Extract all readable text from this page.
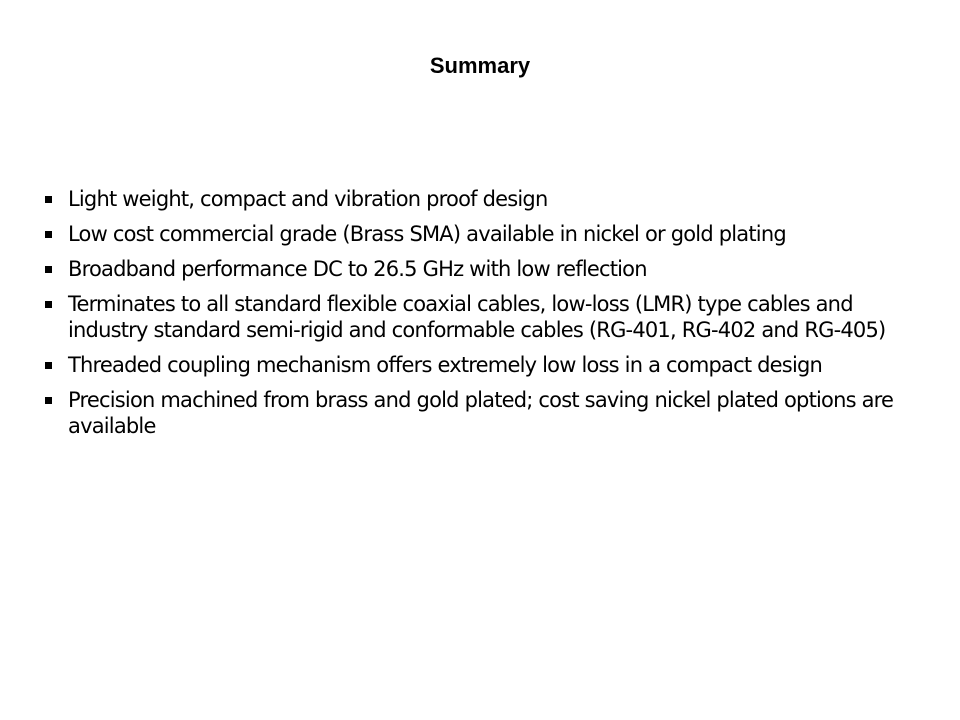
Summary
Light weight, compact and vibration proof design
Low cost commercial grade (Brass SMA) available in nickel or gold plating
Broadband performance DC to 26.5 GHz with low reflection
Terminates to all standard flexible coaxial cables, low-loss (LMR) type cables and industry standard semi-rigid and conformable cables (RG-401, RG-402 and RG-405)
Threaded coupling mechanism offers extremely low loss in a compact design
Precision machined from brass and gold plated; cost saving nickel plated options are available
